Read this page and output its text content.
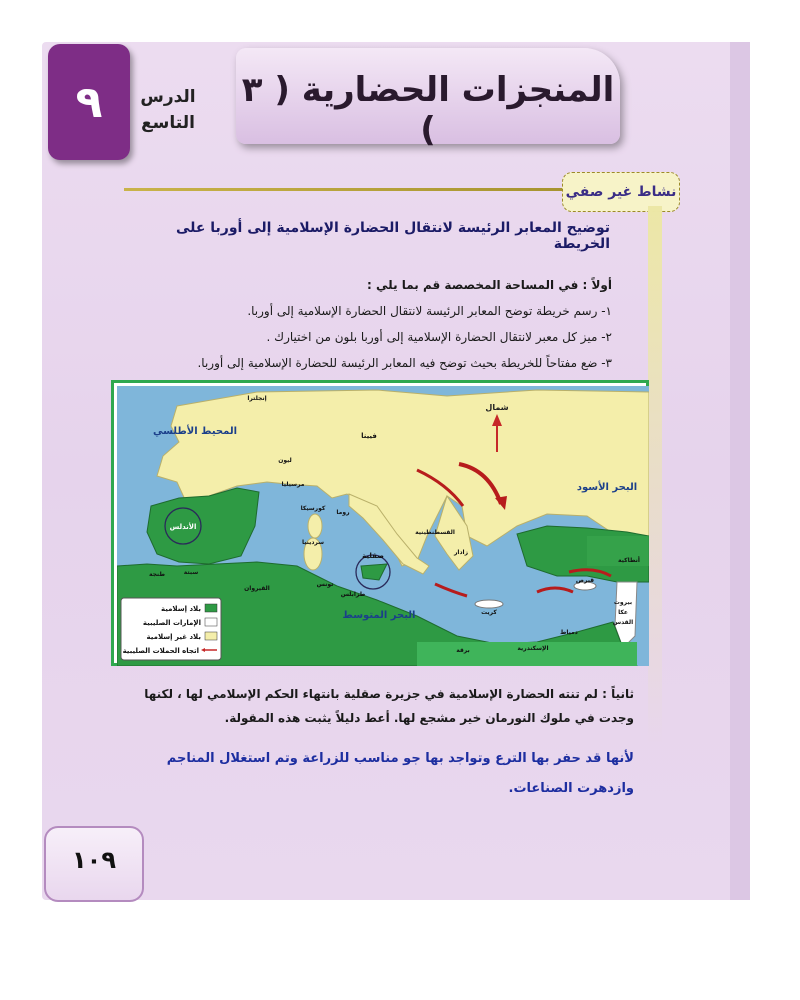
٩ الدرس
التاسع
المنجزات الحضارية ( ٣ )
نشاط غير صفي
توضيح المعابر الرئيسة لانتقال الحضارة الإسلامية إلى أوربا على الخريطة
أولاً : في المساحة المخصصة قم بما يلي :
١- رسم خريطة توضح المعابر الرئيسة لانتقال الحضارة الإسلامية إلى أوربا.
٢- ميز كل معبر لانتقال الحضارة الإسلامية إلى أوربا بلون من اختيارك .
٣- ضع مفتاحاً للخريطة بحيث توضح فيه المعابر الرئيسة للحضارة الإسلامية إلى أوربا.
المحيط الأطلسي
شمال
البحر الأسود
البحر المتوسط
الأندلس
صقلية
القسطنطينية
قبرص
كريت
فيينا
ليون
مرسيليا
روما
كورسيكا
سردينيا
زادار
أنطاكية
بيروت
عكا
القدس
دمياط
الإسكندرية
سبتة
طنجة
تونس
طرابلس
القيروان
برقة
إنجلترا
بلاد إسلامية
الإمارات الصليبية
بلاد غير إسلامية
اتجاه الحملات الصليبية
ثانياً : لم تنته الحضارة الإسلامية في جزيرة صقلية بانتهاء الحكم الإسلامي لها ، لكنها وجدت في ملوك النورمان خير مشجع لها. أعط دليلاً يثبت هذه المقولة.
لأنها قد حفر بها الترع وتواجد بها جو مناسب للزراعة وتم استغلال المناجم وازدهرت الصناعات.
١٠٩
